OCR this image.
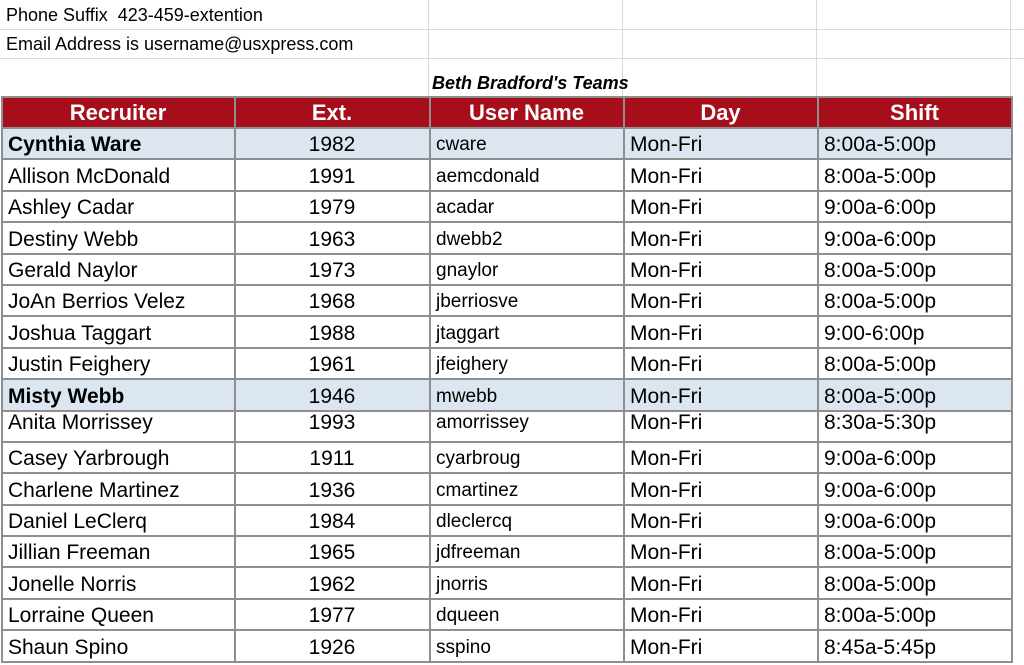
Phone Suffix  423-459-extention
Email Address is username@usxpress.com
Beth Bradford's Teams
Recruiter	Ext.	User Name	Day	Shift
Cynthia Ware	1982	cware	Mon-Fri	8:00a-5:00p
Allison McDonald	1991	aemcdonald	Mon-Fri	8:00a-5:00p
Ashley Cadar	1979	acadar	Mon-Fri	9:00a-6:00p
Destiny Webb	1963	dwebb2	Mon-Fri	9:00a-6:00p
Gerald Naylor	1973	gnaylor	Mon-Fri	8:00a-5:00p
JoAn Berrios Velez	1968	jberriosve	Mon-Fri	8:00a-5:00p
Joshua Taggart	1988	jtaggart	Mon-Fri	9:00-6:00p
Justin Feighery	1961	jfeighery	Mon-Fri	8:00a-5:00p
Misty Webb	1946	mwebb	Mon-Fri	8:00a-5:00p
Anita Morrissey	1993	amorrissey	Mon-Fri	8:30a-5:30p
Casey Yarbrough	1911	cyarbroug	Mon-Fri	9:00a-6:00p
Charlene Martinez	1936	cmartinez	Mon-Fri	9:00a-6:00p
Daniel LeClerq	1984	dleclercq	Mon-Fri	9:00a-6:00p
Jillian Freeman	1965	jdfreeman	Mon-Fri	8:00a-5:00p
Jonelle Norris	1962	jnorris	Mon-Fri	8:00a-5:00p
Lorraine Queen	1977	dqueen	Mon-Fri	8:00a-5:00p
Shaun Spino	1926	sspino	Mon-Fri	8:45a-5:45p
